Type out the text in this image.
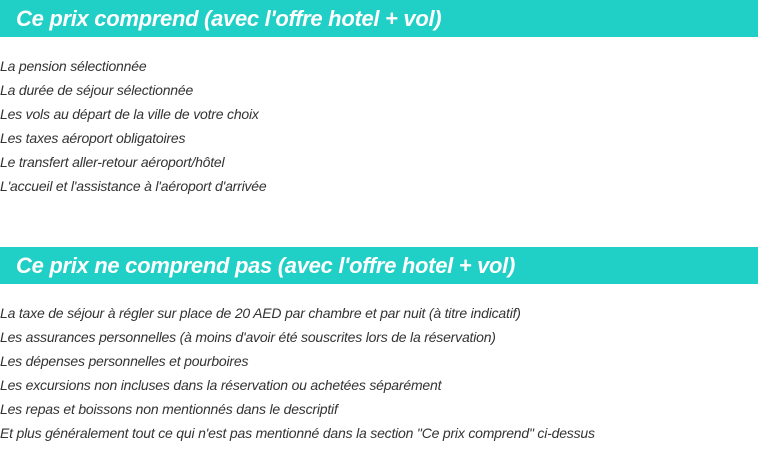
Ce prix comprend (avec l'offre hotel + vol)
La pension sélectionnée
La durée de séjour sélectionnée
Les vols au départ de la ville de votre choix
Les taxes aéroport obligatoires
Le transfert aller-retour aéroport/hôtel
L'accueil et l'assistance à l'aéroport d'arrivée
Ce prix ne comprend pas (avec l'offre hotel + vol)
La taxe de séjour à régler sur place de 20 AED par chambre et par nuit (à titre indicatif)
Les assurances personnelles (à moins d'avoir été souscrites lors de la réservation)
Les dépenses personnelles et pourboires
Les excursions non incluses dans la réservation ou achetées séparément
Les repas et boissons non mentionnés dans le descriptif
Et plus généralement tout ce qui n'est pas mentionné dans la section "Ce prix comprend" ci-dessus
